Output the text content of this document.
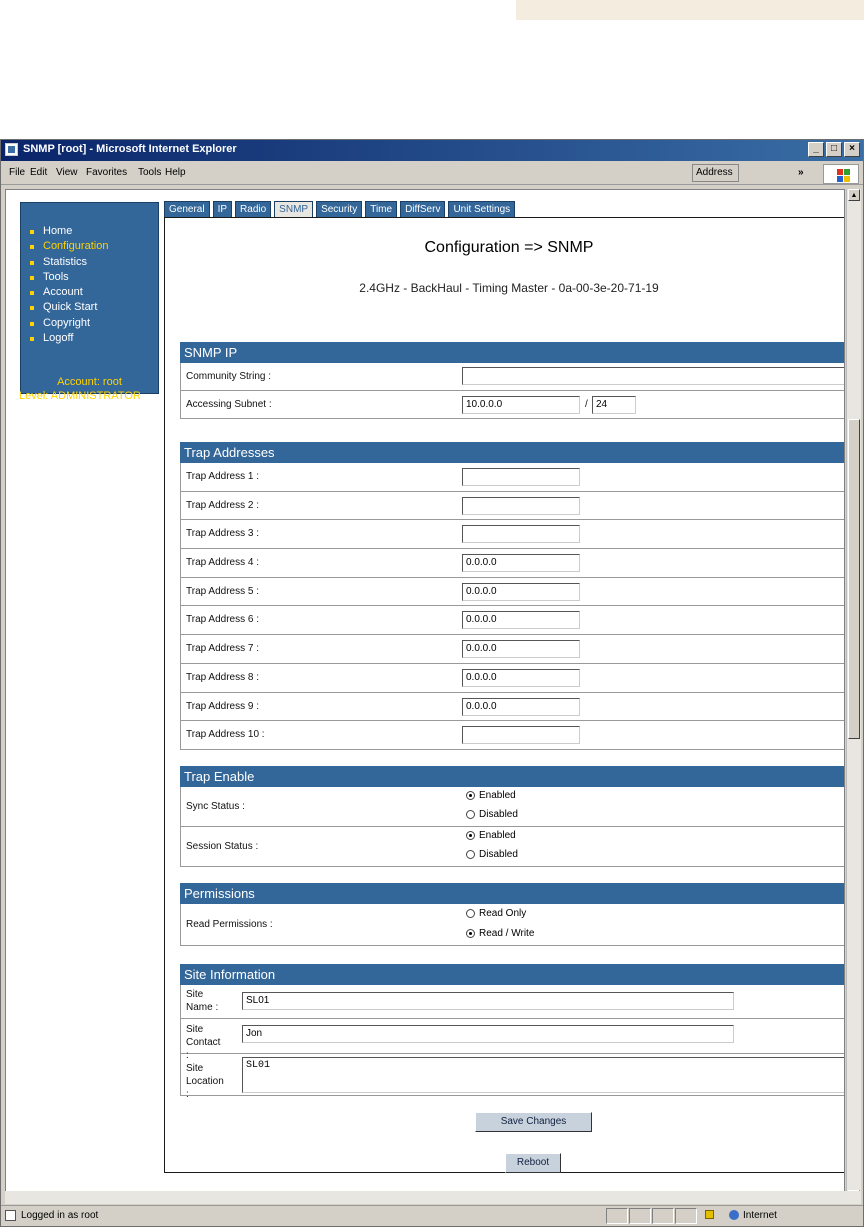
SNMP [root] - Microsoft Internet Explorer	_	□	×
File Edit View Favorites Tools Help	Address	»
Home
Configuration
Statistics
Tools
Account
Quick Start
Copyright
Logoff
Account: root
Level: ADMINISTRATOR
General	IP	Radio	SNMP	Security	Time	DiffServ	Unit Settings
Configuration => SNMP
2.4GHz - BackHaul - Timing Master - 0a-00-3e-20-71-19
SNMP IP
Community String :
Accessing Subnet :	10.0.0.0	/ 24
Trap Addresses
Trap Address 1 :
Trap Address 2 :
Trap Address 3 :
Trap Address 4 :	0.0.0.0
Trap Address 5 :	0.0.0.0
Trap Address 6 :	0.0.0.0
Trap Address 7 :	0.0.0.0
Trap Address 8 :	0.0.0.0
Trap Address 9 :	0.0.0.0
Trap Address 10 :
Trap Enable
Sync Status :
Enabled
Disabled
Session Status :
Enabled
Disabled
Permissions
Read Permissions :
Read Only
Read / Write
Site Information
Site Name :
SL01
Site Contact :
Jon
Site Location :
SL01
Save Changes
Reboot
▲
Logged in as root	Internet
